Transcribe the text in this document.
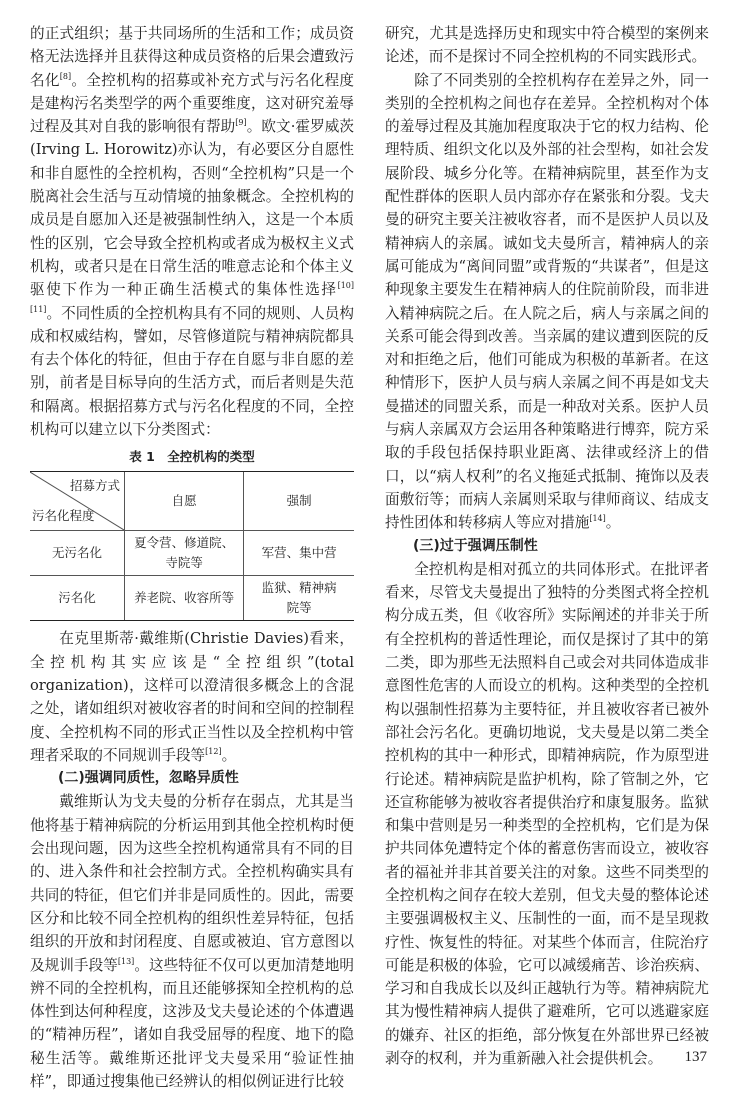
的正式组织；基于共同场所的生活和工作；成员资格无法选择并且获得这种成员资格的后果会遭致污名化[8]。全控机构的招募或补充方式与污名化程度是建构污名类型学的两个重要维度，这对研究羞辱过程及其对自我的影响很有帮助[9]。欧文·霍罗威茨(Irving L. Horowitz)亦认为，有必要区分自愿性和非自愿性的全控机构，否则“全控机构”只是一个脱离社会生活与互动情境的抽象概念。全控机构的成员是自愿加入还是被强制性纳入，这是一个本质性的区别，它会导致全控机构或者成为极权主义式机构，或者只是在日常生活的唯意志论和个体主义驱使下作为一种正确生活模式的集体性选择[10][11]。不同性质的全控机构具有不同的规则、人员构成和权威结构，譬如，尽管修道院与精神病院都具有去个体化的特征，但由于存在自愿与非自愿的差别，前者是目标导向的生活方式，而后者则是失范和隔离。根据招募方式与污名化程度的不同，全控机构可以建立以下分类图式：

表 1　全控机构的类型
招募方式
污名化程度	自愿	强制
无污名化	夏令营、修道院、寺院等	军营、集中营
污名化	养老院、收容所等	监狱、精神病院等

在克里斯蒂·戴维斯(Christie Davies)看来，全控机构其实应该是“全控组织”(total organization)，这样可以澄清很多概念上的含混之处，诸如组织对被收容者的时间和空间的控制程度、全控机构不同的形式正当性以及全控机构中管理者采取的不同规训手段等[12]。

(二)强调同质性，忽略异质性

戴维斯认为戈夫曼的分析存在弱点，尤其是当他将基于精神病院的分析运用到其他全控机构时便会出现问题，因为这些全控机构通常具有不同的目的、进入条件和社会控制方式。全控机构确实具有共同的特征，但它们并非是同质性的。因此，需要区分和比较不同全控机构的组织性差异特征，包括组织的开放和封闭程度、自愿或被迫、官方意图以及规训手段等[13]。这些特征不仅可以更加清楚地明辨不同的全控机构，而且还能够探知全控机构的总体性到达何种程度，这涉及戈夫曼论述的个体遭遇的“精神历程”，诸如自我受屈辱的程度、地下的隐秘生活等。戴维斯还批评戈夫曼采用“验证性抽样”，即通过搜集他已经辨认的相似例证进行比较

研究，尤其是选择历史和现实中符合模型的案例来论述，而不是探讨不同全控机构的不同实践形式。

除了不同类别的全控机构存在差异之外，同一类别的全控机构之间也存在差异。全控机构对个体的羞辱过程及其施加程度取决于它的权力结构、伦理特质、组织文化以及外部的社会型构，如社会发展阶段、城乡分化等。在精神病院里，甚至作为支配性群体的医职人员内部亦存在紧张和分裂。戈夫曼的研究主要关注被收容者，而不是医护人员以及精神病人的亲属。诚如戈夫曼所言，精神病人的亲属可能成为“离间同盟”或背叛的“共谋者”，但是这种现象主要发生在精神病人的住院前阶段，而非进入精神病院之后。在人院之后，病人与亲属之间的关系可能会得到改善。当亲属的建议遭到医院的反对和拒绝之后，他们可能成为积极的革新者。在这种情形下，医护人员与病人亲属之间不再是如戈夫曼描述的同盟关系，而是一种敌对关系。医护人员与病人亲属双方会运用各种策略进行博弈，院方采取的手段包括保持职业距离、法律或经济上的借口，以“病人权利”的名义拖延式抵制、掩饰以及表面敷衍等；而病人亲属则采取与律师商议、结成支持性团体和转移病人等应对措施[14]。

(三)过于强调压制性

全控机构是相对孤立的共同体形式。在批评者看来，尽管戈夫曼提出了独特的分类图式将全控机构分成五类，但《收容所》实际阐述的并非关于所有全控机构的普适性理论，而仅是探讨了其中的第二类，即为那些无法照料自己或会对共同体造成非意图性危害的人而设立的机构。这种类型的全控机构以强制性招募为主要特征，并且被收容者已被外部社会污名化。更确切地说，戈夫曼是以第二类全控机构的其中一种形式，即精神病院，作为原型进行论述。精神病院是监护机构，除了管制之外，它还宣称能够为被收容者提供治疗和康复服务。监狱和集中营则是另一种类型的全控机构，它们是为保护共同体免遭特定个体的蓄意伤害而设立，被收容者的福祉并非其首要关注的对象。这些不同类型的全控机构之间存在较大差别，但戈夫曼的整体论述主要强调极权主义、压制性的一面，而不是呈现救疗性、恢复性的特征。对某些个体而言，住院治疗可能是积极的体验，它可以减缓痛苦、诊治疾病、学习和自我成长以及纠正越轨行为等。精神病院尤其为慢性精神病人提供了避难所，它可以逃避家庭的嫌弃、社区的拒绝，部分恢复在外部世界已经被剥夺的权利，并为重新融入社会提供机会。	137
